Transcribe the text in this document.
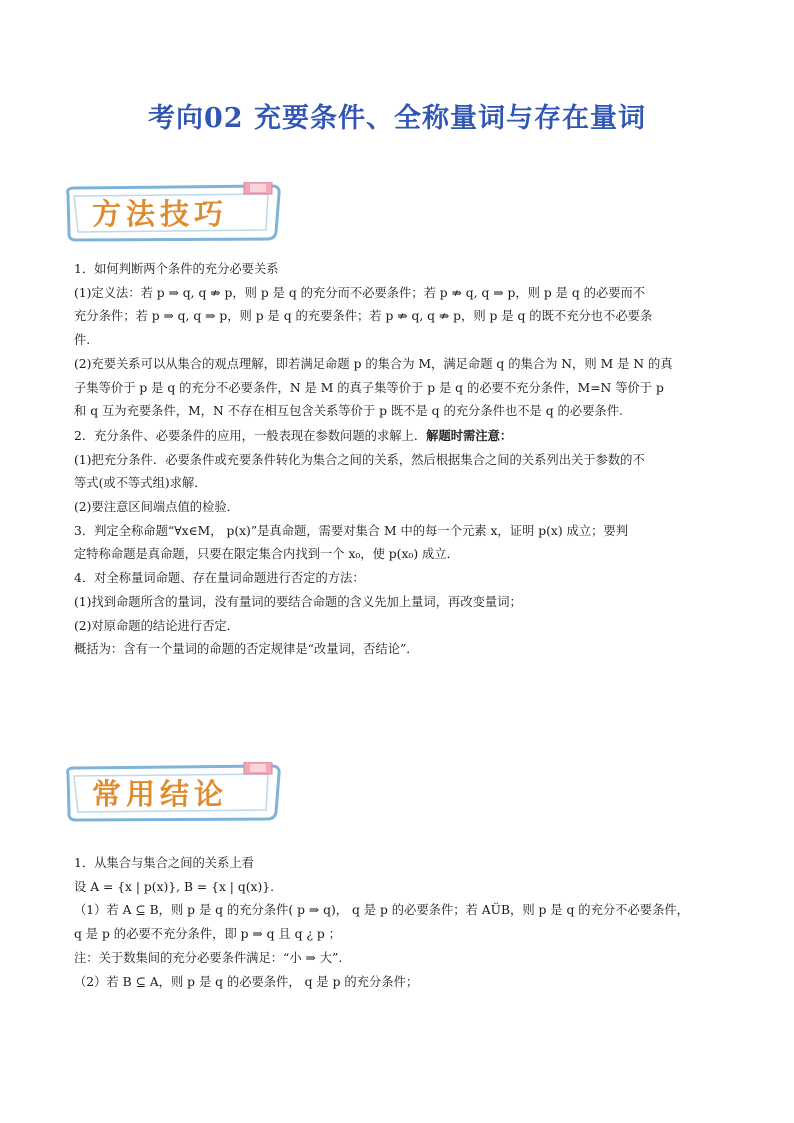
考向02 充要条件、全称量词与存在量词
方法技巧

1．如何判断两个条件的充分必要关系

(1)定义法：若 p ⇒ q, q ⇏ p，则 p 是 q 的充分而不必要条件；若 p ⇏ q, q ⇒ p，则 p 是 q 的必要而不

充分条件；若 p ⇒ q, q ⇒ p，则 p 是 q 的充要条件；若 p ⇏ q, q ⇏ p，则 p 是 q 的既不充分也不必要条

件.

(2)充要关系可以从集合的观点理解，即若满足命题 p 的集合为 M，满足命题 q 的集合为 N，则 M 是 N 的真

子集等价于 p 是 q 的充分不必要条件，N 是 M 的真子集等价于 p 是 q 的必要不充分条件，M=N 等价于 p

和 q 互为充要条件，M，N 不存在相互包含关系等价于 p 既不是 q 的充分条件也不是 q 的必要条件.

2．充分条件、必要条件的应用，一般表现在参数问题的求解上．解题时需注意：

(1)把充分条件．必要条件或充要条件转化为集合之间的关系，然后根据集合之间的关系列出关于参数的不

等式(或不等式组)求解．

(2)要注意区间端点值的检验．

3．判定全称命题“∀x∈M， p(x)”是真命题，需要对集合 M 中的每一个元素 x，证明 p(x) 成立；要判

定特称命题是真命题，只要在限定集合内找到一个 x₀，使 p(x₀) 成立．

4．对全称量词命题、存在量词命题进行否定的方法：

(1)找到命题所含的量词，没有量词的要结合命题的含义先加上量词，再改变量词；

(2)对原命题的结论进行否定．

概括为：含有一个量词的命题的否定规律是“改量词，否结论”．

常用结论

1．从集合与集合之间的关系上看

设 A = {x | p(x)}, B = {x | q(x)}.

（1）若 A ⊆ B，则 p 是 q 的充分条件( p ⇒ q)， q 是 p 的必要条件；若 AÜB，则 p 是 q 的充分不必要条件，

q 是 p 的必要不充分条件，即 p ⇒ q 且 q ¿ p ；

注：关于数集间的充分必要条件满足：“小 ⇒ 大”.

（2）若 B ⊆ A，则 p 是 q 的必要条件， q 是 p 的充分条件；
